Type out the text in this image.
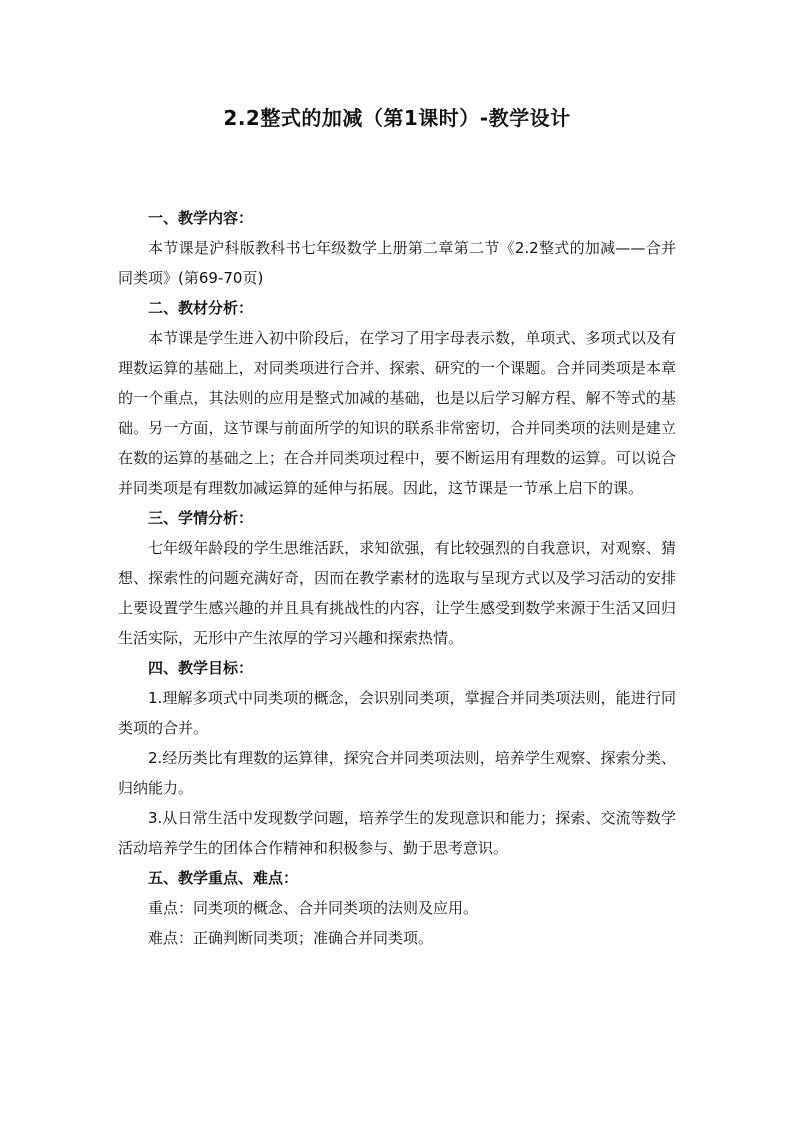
2.2整式的加减（第1课时）-教学设计

一、教学内容：

本节课是沪科版教科书七年级数学上册第二章第二节《2.2整式的加减——合并同类项》(第69-70页)

二、教材分析：

本节课是学生进入初中阶段后，在学习了用字母表示数，单项式、多项式以及有理数运算的基础上，对同类项进行合并、探索、研究的一个课题。合并同类项是本章的一个重点，其法则的应用是整式加减的基础，也是以后学习解方程、解不等式的基础。另一方面，这节课与前面所学的知识的联系非常密切，合并同类项的法则是建立在数的运算的基础之上；在合并同类项过程中，要不断运用有理数的运算。可以说合并同类项是有理数加减运算的延伸与拓展。因此，这节课是一节承上启下的课。

三、学情分析：

七年级年龄段的学生思维活跃，求知欲强，有比较强烈的自我意识，对观察、猜想、探索性的问题充满好奇，因而在教学素材的选取与呈现方式以及学习活动的安排上要设置学生感兴趣的并且具有挑战性的内容，让学生感受到数学来源于生活又回归生活实际，无形中产生浓厚的学习兴趣和探索热情。

四、教学目标：

1.理解多项式中同类项的概念，会识别同类项，掌握合并同类项法则，能进行同类项的合并。

2.经历类比有理数的运算律，探究合并同类项法则，培养学生观察、探索分类、归纳能力。

3.从日常生活中发现数学问题，培养学生的发现意识和能力；探索、交流等数学活动培养学生的团体合作精神和积极参与、勤于思考意识。

五、教学重点、难点：

重点：同类项的概念、合并同类项的法则及应用。

难点：正确判断同类项；准确合并同类项。
